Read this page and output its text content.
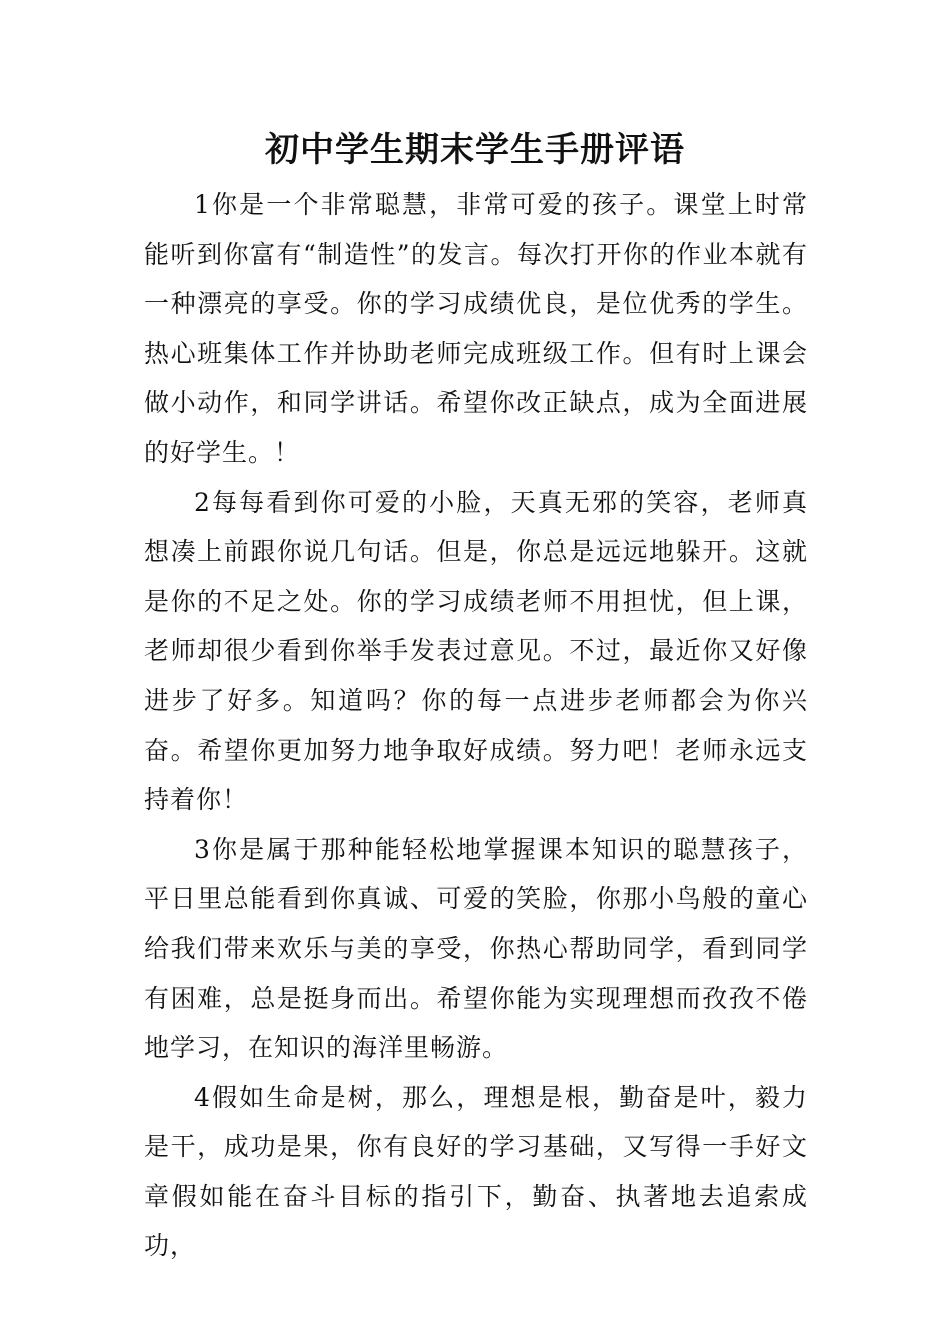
初中学生期末学生手册评语

1你是一个非常聪慧，非常可爱的孩子。课堂上时常能听到你富有“制造性”的发言。每次打开你的作业本就有一种漂亮的享受。你的学习成绩优良，是位优秀的学生。热心班集体工作并协助老师完成班级工作。但有时上课会做小动作，和同学讲话。希望你改正缺点，成为全面进展的好学生。！

2每每看到你可爱的小脸，天真无邪的笑容，老师真想凑上前跟你说几句话。但是，你总是远远地躲开。这就是你的不足之处。你的学习成绩老师不用担忧，但上课，老师却很少看到你举手发表过意见。不过，最近你又好像进步了好多。知道吗？你的每一点进步老师都会为你兴奋。希望你更加努力地争取好成绩。努力吧！老师永远支持着你！

3你是属于那种能轻松地掌握课本知识的聪慧孩子，平日里总能看到你真诚、可爱的笑脸，你那小鸟般的童心给我们带来欢乐与美的享受，你热心帮助同学，看到同学有困难，总是挺身而出。希望你能为实现理想而孜孜不倦地学习，在知识的海洋里畅游。

4假如生命是树，那么，理想是根，勤奋是叶，毅力是干，成功是果，你有良好的学习基础，又写得一手好文章假如能在奋斗目标的指引下，勤奋、执著地去追索成功，
